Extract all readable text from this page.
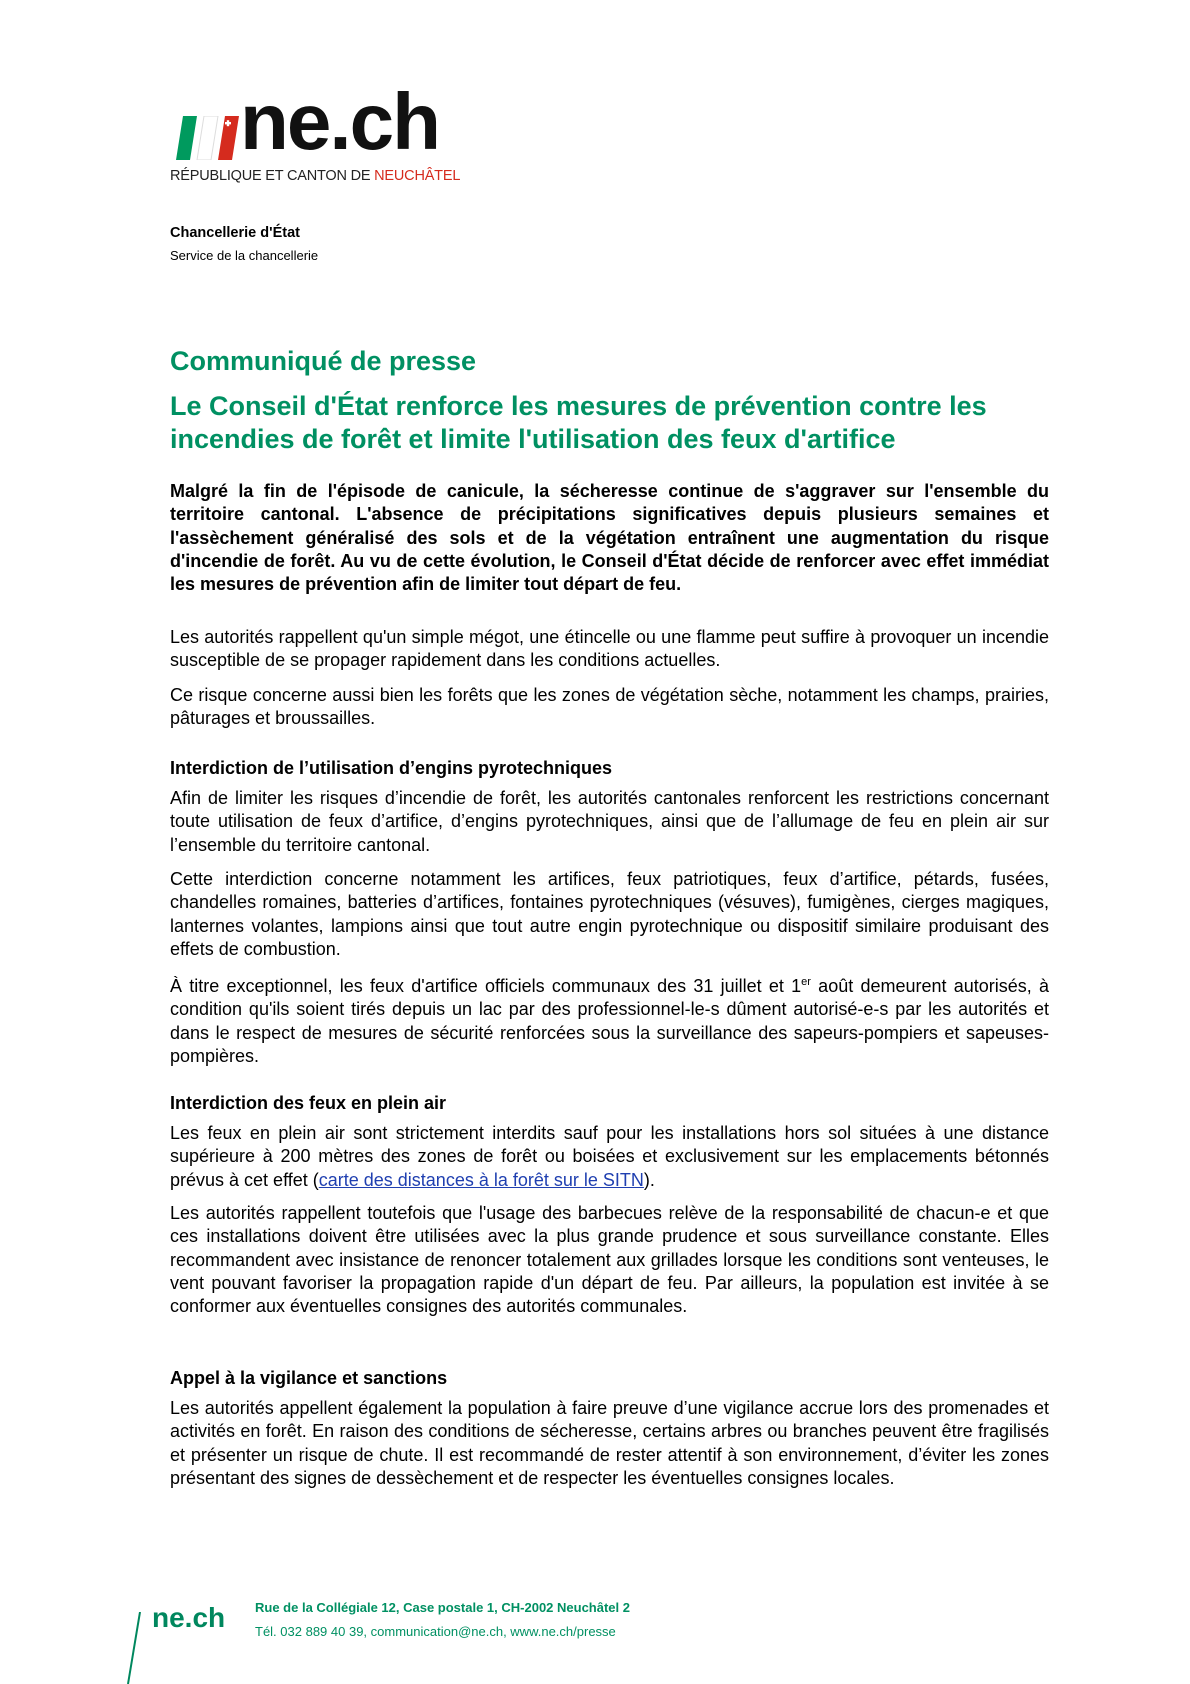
ne.ch
RÉPUBLIQUE ET CANTON DE NEUCHÂTEL
Chancellerie d'État
Service de la chancellerie
Communiqué de presse
Le Conseil d'État renforce les mesures de prévention contre les incendies de forêt et limite l'utilisation des feux d'artifice
Malgré la fin de l'épisode de canicule, la sécheresse continue de s'aggraver sur l'ensemble du territoire cantonal. L'absence de précipitations significatives depuis plusieurs semaines et l'assèchement généralisé des sols et de la végétation entraînent une augmentation du risque d'incendie de forêt. Au vu de cette évolution, le Conseil d'État décide de renforcer avec effet immédiat les mesures de prévention afin de limiter tout départ de feu.
Les autorités rappellent qu'un simple mégot, une étincelle ou une flamme peut suffire à provoquer un incendie susceptible de se propager rapidement dans les conditions actuelles.
Ce risque concerne aussi bien les forêts que les zones de végétation sèche, notamment les champs, prairies, pâturages et broussailles.
Interdiction de l’utilisation d’engins pyrotechniques
Afin de limiter les risques d’incendie de forêt, les autorités cantonales renforcent les restrictions concernant toute utilisation de feux d’artifice, d’engins pyrotechniques, ainsi que de l’allumage de feu en plein air sur l’ensemble du territoire cantonal.
Cette interdiction concerne notamment les artifices, feux patriotiques, feux d’artifice, pétards, fusées, chandelles romaines, batteries d’artifices, fontaines pyrotechniques (vésuves), fumigènes, cierges magiques, lanternes volantes, lampions ainsi que tout autre engin pyrotechnique ou dispositif similaire produisant des effets de combustion.
À titre exceptionnel, les feux d'artifice officiels communaux des 31 juillet et 1er août demeurent autorisés, à condition qu'ils soient tirés depuis un lac par des professionnel-le-s dûment autorisé-e-s par les autorités et dans le respect de mesures de sécurité renforcées sous la surveillance des sapeurs-pompiers et sapeuses-pompières.
Interdiction des feux en plein air
Les feux en plein air sont strictement interdits sauf pour les installations hors sol situées à une distance supérieure à 200 mètres des zones de forêt ou boisées et exclusivement sur les emplacements bétonnés prévus à cet effet (carte des distances à la forêt sur le SITN).
Les autorités rappellent toutefois que l'usage des barbecues relève de la responsabilité de chacun-e et que ces installations doivent être utilisées avec la plus grande prudence et sous surveillance constante. Elles recommandent avec insistance de renoncer totalement aux grillades lorsque les conditions sont venteuses, le vent pouvant favoriser la propagation rapide d'un départ de feu. Par ailleurs, la population est invitée à se conformer aux éventuelles consignes des autorités communales.
Appel à la vigilance et sanctions
Les autorités appellent également la population à faire preuve d’une vigilance accrue lors des promenades et activités en forêt. En raison des conditions de sécheresse, certains arbres ou branches peuvent être fragilisés et présenter un risque de chute. Il est recommandé de rester attentif à son environnement, d’éviter les zones présentant des signes de dessèchement et de respecter les éventuelles consignes locales.
ne.ch Rue de la Collégiale 12, Case postale 1, CH-2002 Neuchâtel 2
Tél. 032 889 40 39, communication@ne.ch, www.ne.ch/presse
